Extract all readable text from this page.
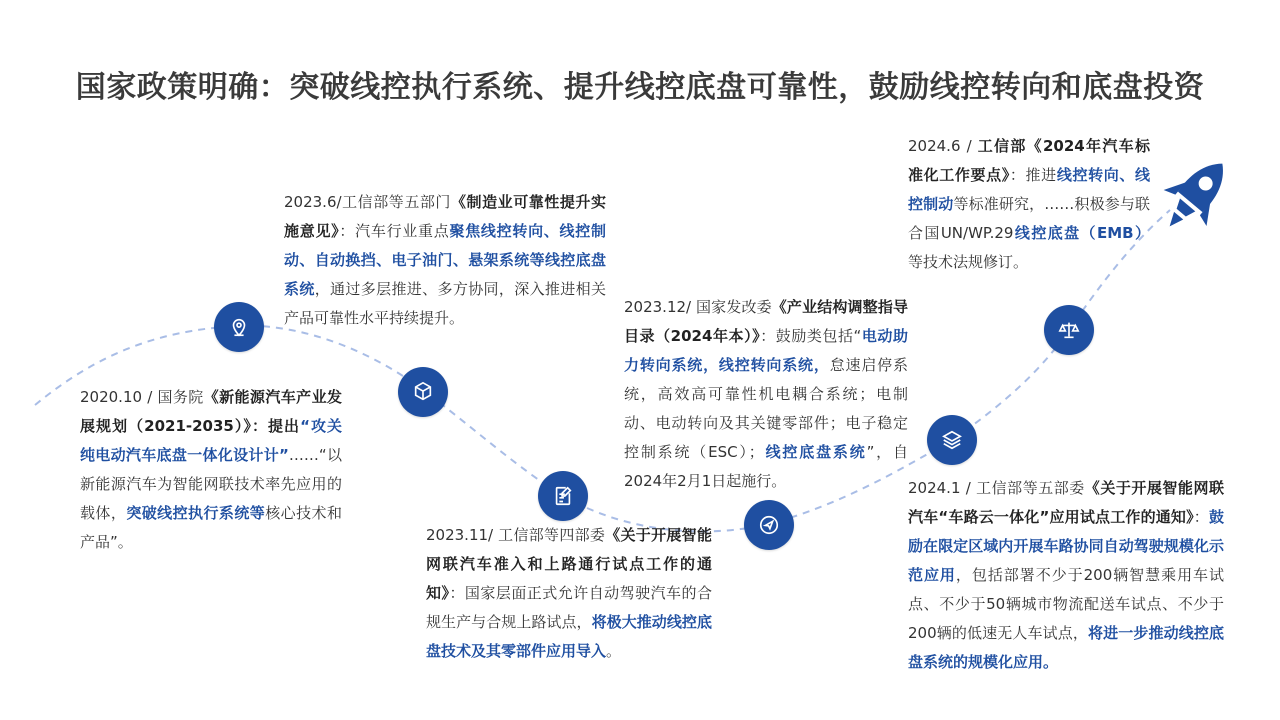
国家政策明确：突破线控执行系统、提升线控底盘可靠性，鼓励线控转向和底盘投资
2020.10 / 国务院《新能源汽车产业发展规划（2021-2035）》：提出“攻关纯电动汽车底盘一体化设计计”……“以新能源汽车为智能网联技术率先应用的载体，突破线控执行系统等核心技术和产品”。
2023.6/工信部等五部门《制造业可靠性提升实施意见》：汽车行业重点聚焦线控转向、线控制动、自动换挡、电子油门、悬架系统等线控底盘系统，通过多层推进、多方协同，深入推进相关产品可靠性水平持续提升。
2023.11/ 工信部等四部委《关于开展智能网联汽车准入和上路通行试点工作的通知》：国家层面正式允许自动驾驶汽车的合规生产与合规上路试点，将极大推动线控底盘技术及其零部件应用导入。
2023.12/ 国家发改委《产业结构调整指导目录（2024年本）》：鼓励类包括“电动助力转向系统，线控转向系统，怠速启停系统，高效高可靠性机电耦合系统；电制动、电动转向及其关键零部件；电子稳定控制系统（ESC）；线控底盘系统”，自2024年2月1日起施行。	2024.1 / 工信部等五部委《关于开展智能网联汽车“车路云一体化”应用试点工作的通知》：鼓励在限定区域内开展车路协同自动驾驶规模化示范应用，包括部署不少于200辆智慧乘用车试点、不少于50辆城市物流配送车试点、不少于200辆的低速无人车试点，将进一步推动线控底盘系统的规模化应用。
2024.6 / 工信部《2024年汽车标准化工作要点》：推进线控转向、线控制动等标准研究，……积极参与联合国UN/WP.29线控底盘（EMB）等技术法规修订。
